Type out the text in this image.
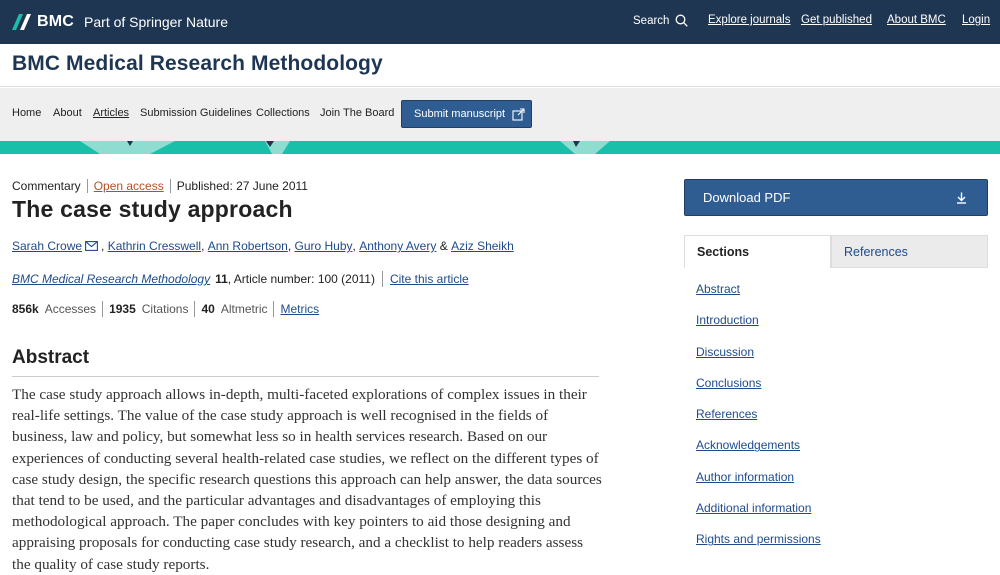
BMC Part of Springer Nature	Search	Explore journals Get published About BMC Login
BMC Medical Research Methodology
Home About Articles Submission Guidelines Collections Join The Board Submit manuscript
Commentary Open access Published: 27 June 2011
The case study approach
Sarah Crowe , Kathrin Cresswell , Ann Robertson , Guro Huby , Anthony Avery
&
Aziz Sheikh
BMC Medical Research Methodology 11 , Article number: 100 (2011) Cite this article
856k Accesses 1935 Citations 40 Altmetric Metrics
Abstract

The case study approach allows in-depth, multi-faceted explorations of complex issues in their real-life settings. The value of the case study approach is well recognised in the fields of business, law and policy, but somewhat less so in health services research. Based on our experiences of conducting several health-related case studies, we reflect on the different types of case study design, the specific research questions this approach can help answer, the data sources that tend to be used, and the particular advantages and disadvantages of employing this methodological approach. The paper concludes with key pointers to aid those designing and appraising proposals for conducting case study research, and a checklist to help readers assess the quality of case study reports.

Download PDF
Sections	References
Abstract
Introduction
Discussion
Conclusions
References
Acknowledgements
Author information
Additional information
Rights and permissions
